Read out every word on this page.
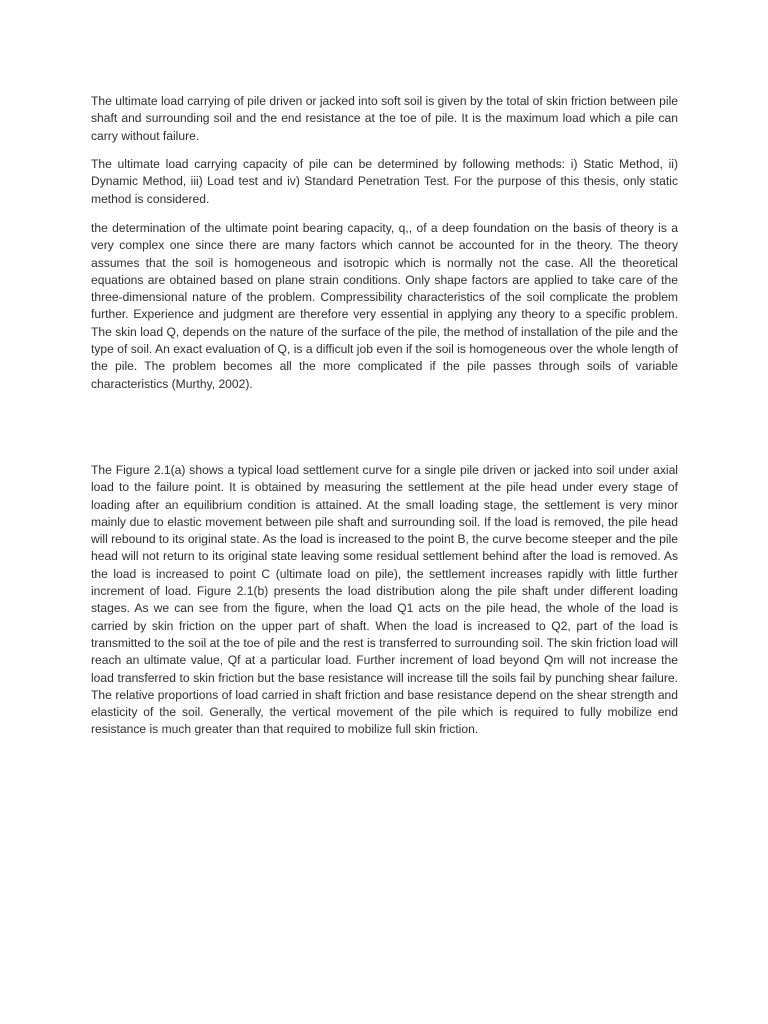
The ultimate load carrying of pile driven or jacked into soft soil is given by the total of skin friction between pile shaft and surrounding soil and the end resistance at the toe of pile. It is the maximum load which a pile can carry without failure.

The ultimate load carrying capacity of pile can be determined by following methods: i) Static Method, ii) Dynamic Method, iii) Load test and iv) Standard Penetration Test. For the purpose of this thesis, only static method is considered.

the determination of the ultimate point bearing capacity, q,, of a deep foundation on the basis of theory is a very complex one since there are many factors which cannot be accounted for in the theory. The theory assumes that the soil is homogeneous and isotropic which is normally not the case. All the theoretical equations are obtained based on plane strain conditions. Only shape factors are applied to take care of the three-dimensional nature of the problem. Compressibility characteristics of the soil complicate the problem further. Experience and judgment are therefore very essential in applying any theory to a specific problem. The skin load Q, depends on the nature of the surface of the pile, the method of installation of the pile and the type of soil. An exact evaluation of Q, is a difficult job even if the soil is homogeneous over the whole length of the pile. The problem becomes all the more complicated if the pile passes through soils of variable characteristics (Murthy, 2002).

The Figure 2.1(a) shows a typical load settlement curve for a single pile driven or jacked into soil under axial load to the failure point. It is obtained by measuring the settlement at the pile head under every stage of loading after an equilibrium condition is attained. At the small loading stage, the settlement is very minor mainly due to elastic movement between pile shaft and surrounding soil. If the load is removed, the pile head will rebound to its original state. As the load is increased to the point B, the curve become steeper and the pile head will not return to its original state leaving some residual settlement behind after the load is removed. As the load is increased to point C (ultimate load on pile), the settlement increases rapidly with little further increment of load. Figure 2.1(b) presents the load distribution along the pile shaft under different loading stages. As we can see from the figure, when the load Q1 acts on the pile head, the whole of the load is carried by skin friction on the upper part of shaft. When the load is increased to Q2, part of the load is transmitted to the soil at the toe of pile and the rest is transferred to surrounding soil. The skin friction load will reach an ultimate value, Qf at a particular load. Further increment of load beyond Qm will not increase the load transferred to skin friction but the base resistance will increase till the soils fail by punching shear failure. The relative proportions of load carried in shaft friction and base resistance depend on the shear strength and elasticity of the soil. Generally, the vertical movement of the pile which is required to fully mobilize end resistance is much greater than that required to mobilize full skin friction.
